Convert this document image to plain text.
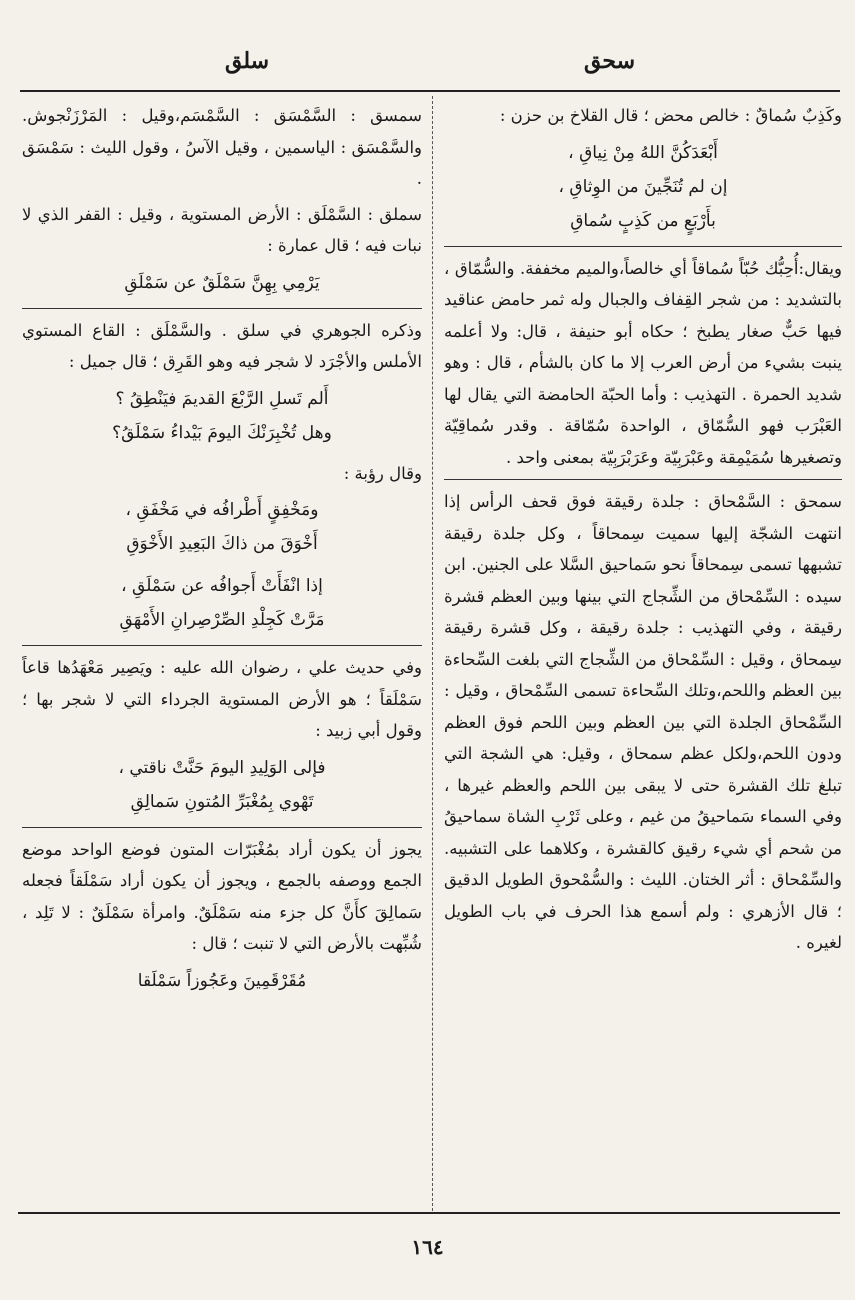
سحق
سلق

وكَذِبٌ سُماقٌ : خالص محض ؛ قال القلاخ بن حزن :

أَبْعَدَكُنَّ اللهُ مِنْ نِياقِ ،
إن لم تُنَجِّينَ من الوِثاقِ ،
بأَرْبَعٍ من كَذِبٍ سُماقِ

ويقال:أُحِبُّك حُبّاً سُماقاً أي خالصاً،والميم مخففة. والسُّمّاق ، بالتشديد : من شجر القِفاف والجبال وله ثمر حامض عناقيد فيها حَبٌّ صغار يطبخ ؛ حكاه أبو حنيفة ، قال: ولا أعلمه ينبت بشيء من أرض العرب إلا ما كان بالشأم ، قال : وهو شديد الحمرة . التهذيب : وأما الحبّة الحامضة التي يقال لها العَبْرَب فهو السُّمّاق ، الواحدة سُمّاقة . وقدر سُماقِيّة وتصغيرها سُمَيْمِقة وعَبْرَبِيّة وعَرَبْرَبِيّة بمعنى واحد .

سمحق : السَّمْحاق : جلدة رقيقة فوق قحف الرأس إذا انتهت الشجّة إليها سميت سِمحاقاً ، وكل جلدة رقيقة تشبهها تسمى سِمحاقاً نحو سَماحيق السَّلا على الجنين. ابن سيده : السِّمْحاق من الشِّجاج التي بينها وبين العظم قشرة رقيقة ، وفي التهذيب : جلدة رقيقة ، وكل قشرة رقيقة سِمحاق ، وقيل : السِّمْحاق من الشِّجاج التي بلغت السِّحاءة بين العظم واللحم،وتلك السِّحاءة تسمى السِّمْحاق ، وقيل : السِّمْحاق الجلدة التي بين العظم وبين اللحم فوق العظم ودون اللحم،ولكل عظم سمحاق ، وقيل: هي الشجة التي تبلغ تلك القشرة حتى لا يبقى بين اللحم والعظم غيرها ، وفي السماء سَماحيقُ من غيم ، وعلى ثَرْبِ الشاة سماحيقُ من شحم أي شيء رقيق كالقشرة ، وكلاهما على التشبيه. والسِّمْحاق : أثر الختان. الليث : والسُّمْحوق الطويل الدقيق ؛ قال الأزهري : ولم أسمع هذا الحرف في باب الطويل لغيره .

سمسق : السَّمْسَق : السَّمْسَم،وقيل : المَرْزَنْجوش. والسَّمْسَق : الياسمين ، وقيل الآسُ ، وقول الليث : سَمْسَق .

سملق : السَّمْلَق : الأرض المستوية ، وقيل : القفر الذي لا نبات فيه ؛ قال عمارة :

يَرْمِي بِهِنَّ سَمْلَقٌ عن سَمْلَقِ

وذكره الجوهري في سلق . والسَّمْلَق : القاع المستوي الأملس والأجْرَد لا شجر فيه وهو القَرِق ؛ قال جميل :

أَلم تَسلِ الرَّبْعَ القديمَ فيَنْطِقُ ؟
وهل تُخْبِرَنْكَ اليومَ بَيْداءُ سَمْلَقُ؟

وقال رؤبة :

ومَخْفِقٍ أَطْرافُه في مَخْفَقِ ،
أَخْوَقَ من ذاكَ البَعِيدِ الأَخْوَقِ
إذا انْفَأَتْ أَجوافُه عن سَمْلَقِ ،
مَرَّتْ كَجِلْدِ الصِّرْصِرانِ الأَمْهَقِ

وفي حديث علي ، رضوان الله عليه : ويَصِير مَعْهَدُها قاعاً سَمْلَقاً ؛ هو الأرض المستوية الجرداء التي لا شجر بها ؛ وقول أبي زبيد :

فإلى الوَلِيدِ اليومَ حَنَّتْ ناقتي ،
تَهْوي بِمُغْبَرِّ المُتونِ سَمالِقِ

يجوز أن يكون أراد بمُغْبَرّات المتون فوضع الواحد موضع الجمع ووصفه بالجمع ، ويجوز أن يكون أراد سَمْلَقاً فجعله سَمالِقَ كأَنَّ كل جزء منه سَمْلَقٌ. وامرأة سَمْلَقٌ : لا تَلِد ، شُبِّهت بالأرض التي لا تنبت ؛ قال :

مُقَرْقَمِينَ وعَجُوزاً سَمْلَقا
١٦٤
